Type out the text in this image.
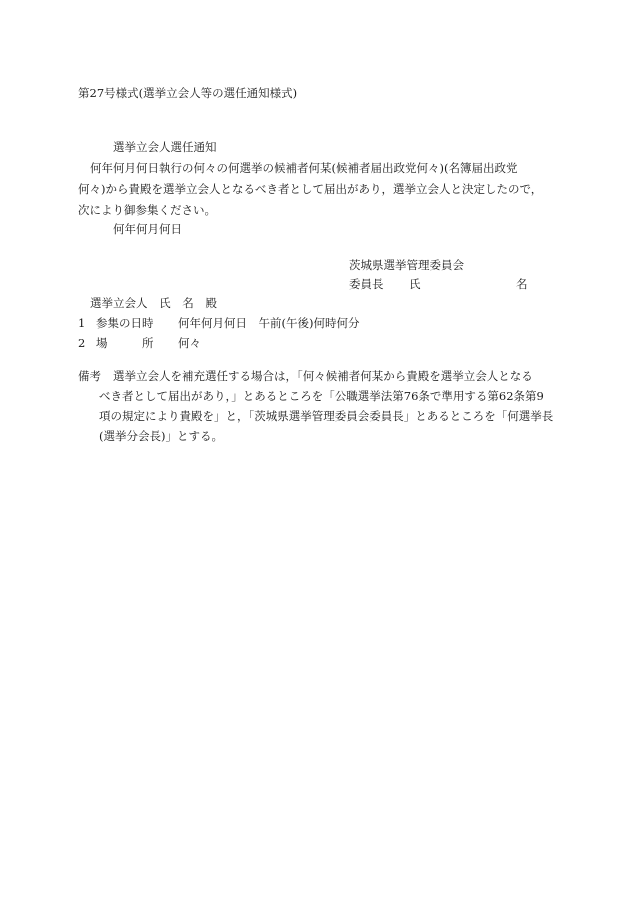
第27号様式(選挙立会人等の選任通知様式)
選挙立会人選任通知
何年何月何日執行の何々の何選挙の候補者何某(候補者届出政党何々)(名簿届出政党
何々)から貴殿を選挙立会人となるべき者として届出があり，選挙立会人と決定したので，
次により御参集ください。
何年何月何日
茨城県選挙管理委員会
委員長 氏	名
選挙立会人 氏 名 殿
1 参集の日時 何年何月何日　午前(午後)何時何分
2 場	所 何々
備考 選挙立会人を補充選任する場合は，「何々候補者何某から貴殿を選挙立会人となる
べき者として届出があり，」とあるところを「公職選挙法第76条で準用する第62条第9
項の規定により貴殿を」と，「茨城県選挙管理委員会委員長」とあるところを「何選挙長
(選挙分会長)」とする。
